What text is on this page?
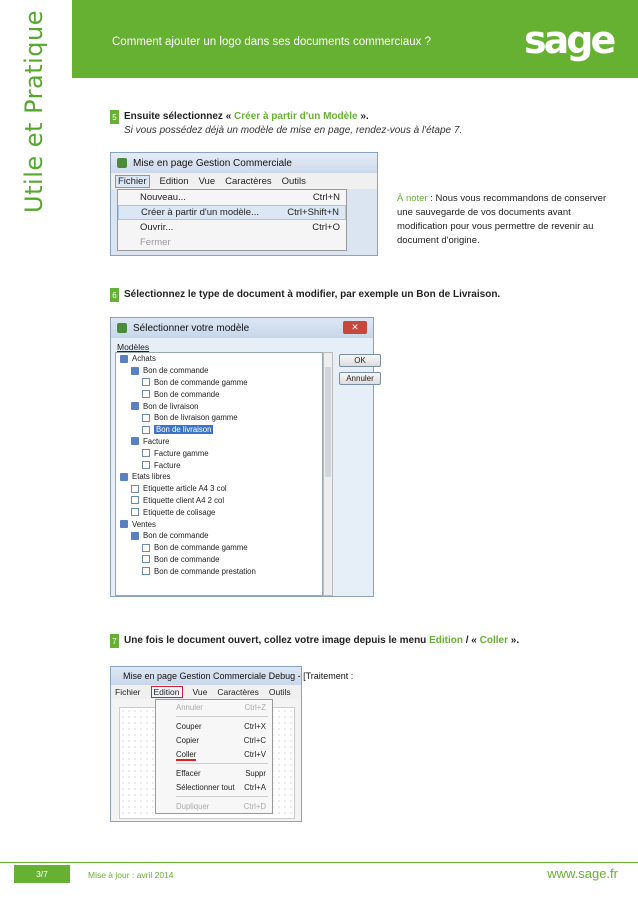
Utile et Pratique	Comment ajouter un logo dans ses documents commerciaux ? sage
5 Ensuite sélectionnez « Créer à partir d'un Modèle ».
Si vous possédez déjà un modèle de mise en page, rendez-vous à l'étape 7.
Mise en page Gestion Commerciale
Fichier	Edition Vue Caractères Outils
Nouveau...	Ctrl+N
Créer à partir d'un modèle...	Ctrl+Shift+N
Ouvrir...	Ctrl+O
Fermer
À noter : Nous vous recommandons de conserver une sauvegarde de vos documents avant modification pour vous permettre de revenir au document d'origine.
6 Sélectionnez le type de document à modifier, par exemple un Bon de Livraison.
Sélectionner votre modèle	✕
Modèles
Achats
Bon de commande
Bon de commande gamme
Bon de commande
Bon de livraison
Bon de livraison gamme
Bon de livraison
Facture
Facture gamme
Facture
Etats libres
Etiquette article A4 3 col
Etiquette client A4 2 col
Etiquette de colisage
Ventes
Bon de commande
Bon de commande gamme
Bon de commande
Bon de commande prestation
OK
Annuler
7 Une fois le document ouvert, collez votre image depuis le menu Edition / « Coller ».
Mise en page Gestion Commerciale Debug - [Traitement :
Fichier	Edition	Vue Caractères Outils
Annuler	Ctrl+Z
Couper	Ctrl+X
Copier	Ctrl+C
Coller	Ctrl+V
Effacer	Suppr
Sélectionner tout Ctrl+A
Dupliquer	Ctrl+D
3/7	Mise à jour : avril 2014	www.sage.fr
